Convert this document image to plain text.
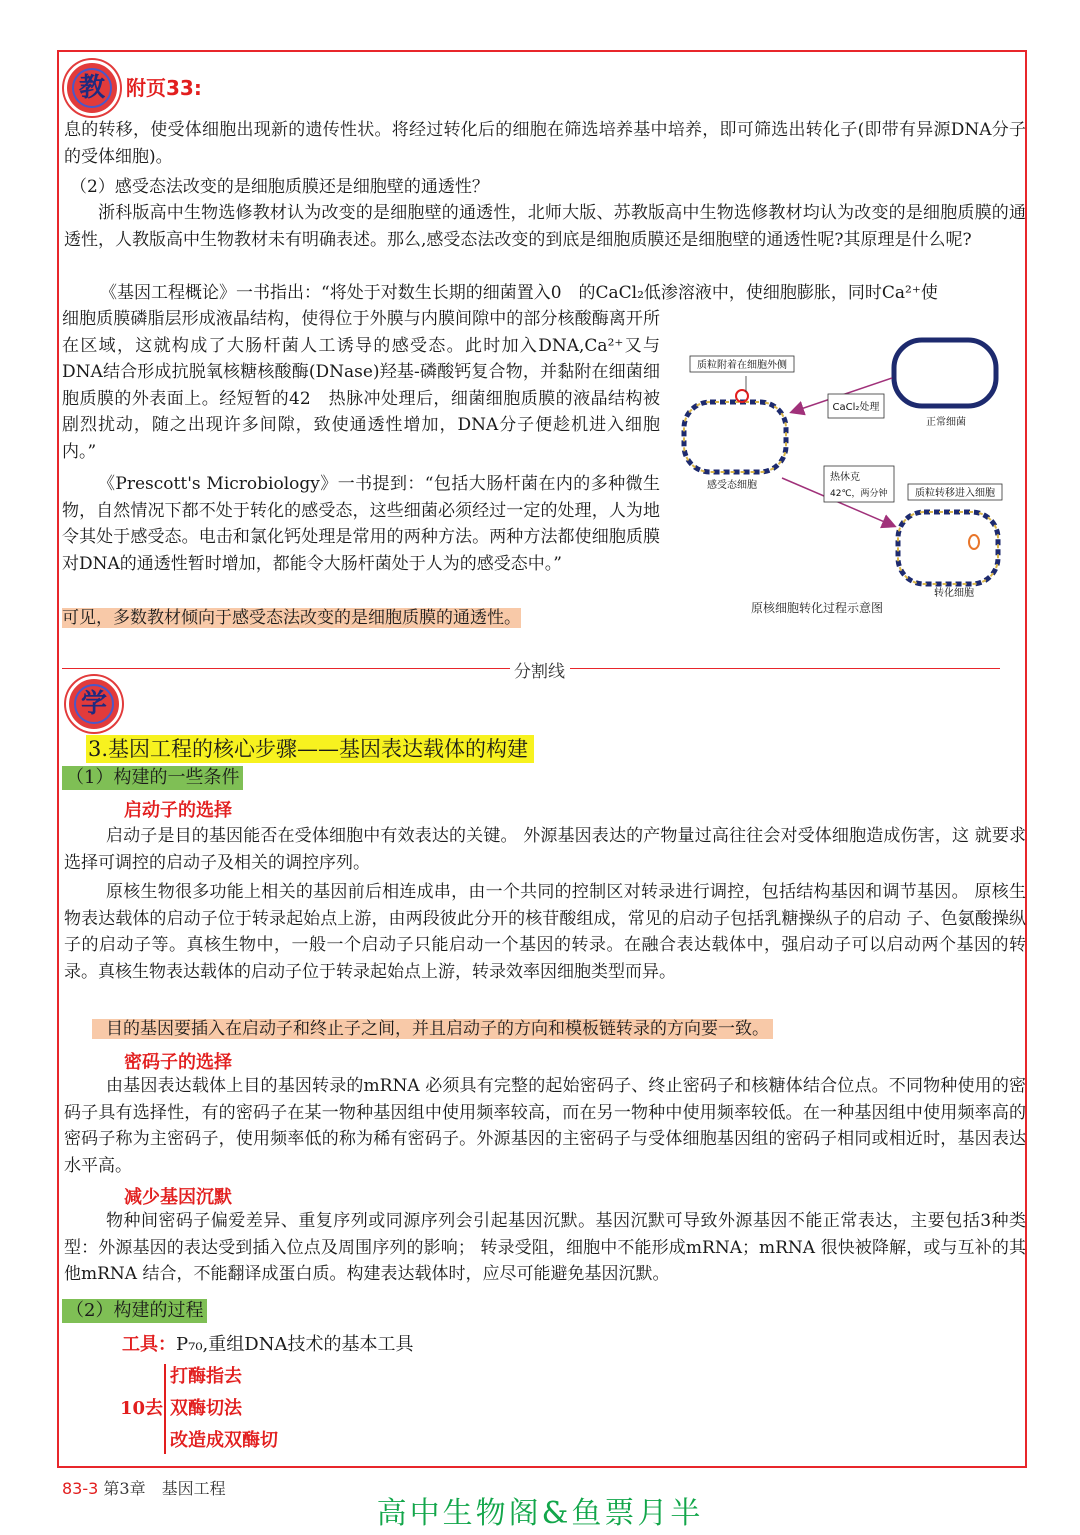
教	附页33:
息的转移，使受体细胞出现新的遗传性状。将经过转化后的细胞在筛选培养基中培养，即可筛选出转化子(即带有异源DNA分子的受体细胞)。
（2）感受态法改变的是细胞质膜还是细胞壁的通透性？
浙科版高中生物选修教材认为改变的是细胞壁的通透性，北师大版、苏教版高中生物选修教材均认为改变的是细胞质膜的通透性，人教版高中生物教材未有明确表述。那么,感受态法改变的到底是细胞质膜还是细胞壁的通透性呢?其原理是什么呢?
《基因工程概论》一书指出：“将处于对数生长期的细菌置入0　的CaCl₂低渗溶液中，使细胞膨胀，同时Ca²⁺使
细胞质膜磷脂层形成液晶结构，使得位于外膜与内膜间隙中的部分核酸酶离开所在区域，这就构成了大肠杆菌人工诱导的感受态。此时加入DNA,Ca²⁺又与DNA结合形成抗脱氧核糖核酸酶(DNase)羟基-磷酸钙复合物，并黏附在细菌细胞质膜的外表面上。经短暂的42　热脉冲处理后，细菌细胞质膜的液晶结构被剧烈扰动，随之出现许多间隙，致使通透性增加，DNA分子便趁机进入细胞内。”
《Prescott's Microbiology》一书提到：“包括大肠杆菌在内的多种微生物，自然情况下都不处于转化的感受态，这些细菌必须经过一定的处理，人为地令其处于感受态。电击和氯化钙处理是常用的两种方法。两种方法都使细胞质膜对DNA的通透性暂时增加，都能令大肠杆菌处于人为的感受态中。”
可见，多数教材倾向于感受态法改变的是细胞质膜的通透性。
质粒附着在细胞外侧
CaCl₂处理
正常细菌
感受态细胞
热休克
42℃，两分钟	质粒转移进入细胞
转化细胞
原核细胞转化过程示意图
分割线
学
3.基因工程的核心步骤——基因表达载体的构建
（1）构建的一些条件
启动子的选择
启动子是目的基因能否在受体细胞中有效表达的关键。 外源基因表达的产物量过高往往会对受体细胞造成伤害，这 就要求选择可调控的启动子及相关的调控序列。
原核生物很多功能上相关的基因前后相连成串，由一个共同的控制区对转录进行调控，包括结构基因和调节基因。 原核生物表达载体的启动子位于转录起始点上游，由两段彼此分开的核苷酸组成，常见的启动子包括乳糖操纵子的启动 子、色氨酸操纵子的启动子等。真核生物中，一般一个启动子只能启动一个基因的转录。在融合表达载体中，强启动子可以启动两个基因的转录。真核生物表达载体的启动子位于转录起始点上游，转录效率因细胞类型而异。
目的基因要插入在启动子和终止子之间，并且启动子的方向和模板链转录的方向要一致。
密码子的选择
由基因表达载体上目的基因转录的mRNA 必须具有完整的起始密码子、终止密码子和核糖体结合位点。不同物种使用的密码子具有选择性，有的密码子在某一物种基因组中使用频率较高，而在另一物种中使用频率较低。在一种基因组中使用频率高的密码子称为主密码子，使用频率低的称为稀有密码子。外源基因的主密码子与受体细胞基因组的密码子相同或相近时，基因表达水平高。
减少基因沉默
物种间密码子偏爱差异、重复序列或同源序列会引起基因沉默。基因沉默可导致外源基因不能正常表达，主要包括3种类型：外源基因的表达受到插入位点及周围序列的影响； 转录受阻，细胞中不能形成mRNA；mRNA 很快被降解，或与互补的其他mRNA 结合，不能翻译成蛋白质。构建表达载体时，应尽可能避免基因沉默。
（2）构建的过程
工具：P₇₀,重组DNA技术的基本工具
10去
打酶指去
双酶切法
改造成双酶切
83-3 第3章　基因工程
高中生物阁&鱼票月半
